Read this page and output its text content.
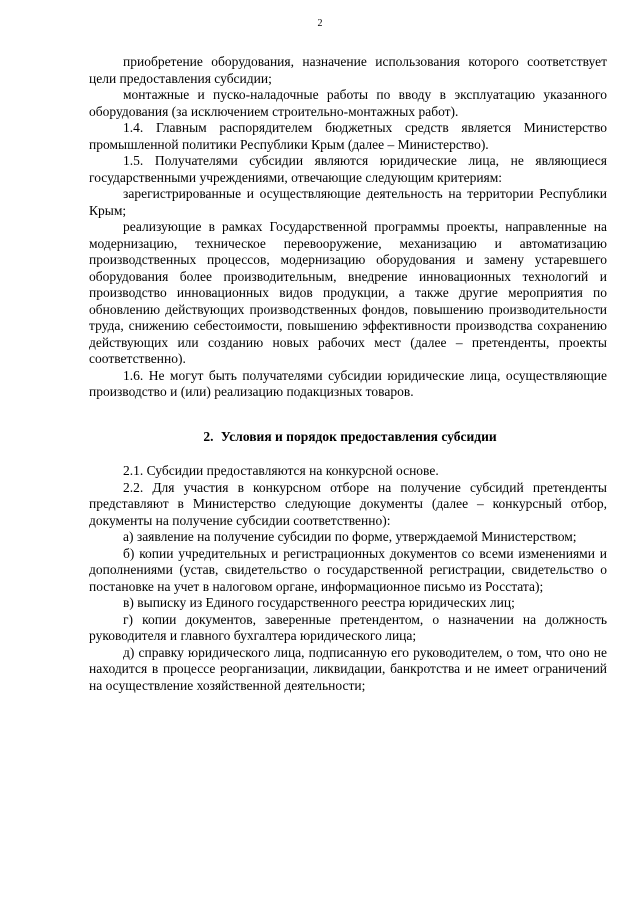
2

приобретение оборудования, назначение использования которого соответствует цели предоставления субсидии;

монтажные и пуско-наладочные работы по вводу в эксплуатацию указанного оборудования (за исключением строительно-монтажных работ).

1.4. Главным распорядителем бюджетных средств является Министерство промышленной политики Республики Крым (далее – Министерство).

1.5. Получателями субсидии являются юридические лица, не являющиеся государственными учреждениями, отвечающие следующим критериям:

зарегистрированные и осуществляющие деятельность на территории Республики Крым;

реализующие в рамках Государственной программы проекты, направленные на модернизацию, техническое перевооружение, механизацию и автоматизацию производственных процессов, модернизацию оборудования и замену устаревшего оборудования более производительным, внедрение инновационных технологий и производство инновационных видов продукции, а также другие мероприятия по обновлению действующих производственных фондов, повышению производительности труда, снижению себестоимости, повышению эффективности производства сохранению действующих или созданию новых рабочих мест (далее – претенденты, проекты соответственно).

1.6. Не могут быть получателями субсидии юридические лица, осуществляющие производство и (или) реализацию подакцизных товаров.

2. Условия и порядок предоставления субсидии

2.1. Субсидии предоставляются на конкурсной основе.

2.2. Для участия в конкурсном отборе на получение субсидий претенденты представляют в Министерство следующие документы (далее – конкурсный отбор, документы на получение субсидии соответственно):

а) заявление на получение субсидии по форме, утверждаемой Министерством;

б) копии учредительных и регистрационных документов со всеми изменениями и дополнениями (устав, свидетельство о государственной регистрации, свидетельство о постановке на учет в налоговом органе, информационное письмо из Росстата);

в) выписку из Единого государственного реестра юридических лиц;

г) копии документов, заверенные претендентом, о назначении на должность руководителя и главного бухгалтера юридического лица;

д) справку юридического лица, подписанную его руководителем, о том, что оно не находится в процессе реорганизации, ликвидации, банкротства и не имеет ограничений на осуществление хозяйственной деятельности;
